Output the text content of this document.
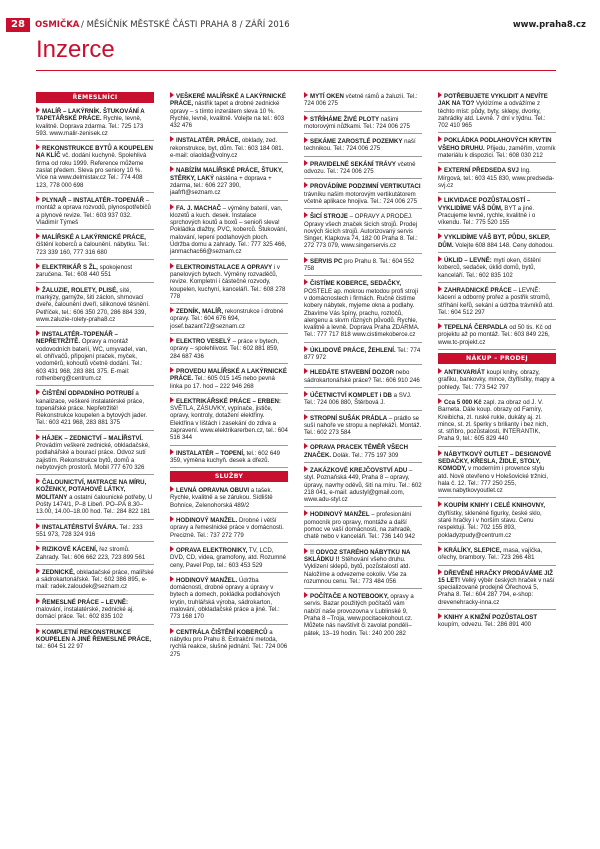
28	OSMIČKA / MĚSÍČNÍK MĚSTSKÉ ČÁSTI PRAHA 8 / ZÁŘÍ 2016	www.praha8.cz
Inzerce
ŘEMESLNÍCI
MALÍŘ – LAKÝRNÍK. ŠTUKOVÁNÍ A TAPETÁŘSKÉ PRÁCE. Rychle, levně, kvalitně. Doprava zdarma. Tel.: 725 173 593. www.malir-zenisek.cz
REKONSTRUKCE BYTŮ A KOUPELEN NA KLÍČ vč. dodání kuchyně. Spolehlivá firma od roku 1999. Reference můžeme zaslat předem. Sleva pro seniory 10 %. Více na www.delmistav.cz Tel.: 774 408 123, 778 000 698
PLYNAŘ – INSTALATÉR–TOPENÁŘ – montáž a oprava rozvodů, plynospotřebičů a plynové revize. Tel.: 603 937 032. Vladimír Týmeš
MALÍŘSKÉ A LAKÝRNICKÉ PRÁCE, čištění koberců a čalounění. nábytku. Tel.: 723 339 160, 777 316 680
ELEKTRIKÁŘ S ŽL, spokojenost zaručena. Tel.: 608 440 551
ŽALUZIE, ROLETY, PLISÉ, sítě, markýzy, garnýže, šití záclon, shrnovací dveře, čalounění dveří, silikonové těsnění. Petříček, tel.: 606 350 270, 286 884 339, www.zaluzie-rolety-praha8.cz
INSTALATÉR–TOPENÁŘ – NEPŘETRŽITĚ. Opravy a montáž vodovodních baterií, WC, umyvadel, van, el. ohřívačů, připojení praček, myček, vodoměrů, kohoutů včetně dodání. Tel.: 603 431 968, 283 881 375. E-mail: rothenberg@centrum.cz
ČIŠTĚNÍ ODPADNÍHO POTRUBÍ a kanalizace, veškeré instalatérské práce, topenářské práce. Nepřetržitě! Rekonstrukce koupelen a bytových jader. Tel.: 603 421 968, 283 881 375
HÁJEK – ZEDNICTVÍ – MALÍŘSTVÍ. Provádím veškeré zednické, obkladačské, podlahářské a bourací práce. Odvoz sutí zajistím. Rekonstrukce bytů, domů a nebytových prostorů. Mobil 777 670 326
ČALOUNICTVÍ, MATRACE NA MÍRU, KOŽENKY, POTAHOVÉ LÁTKY, MOLITANY a ostatní čalounické potřeby, U Pošty 1474/1, P–8 Libeň. PO–PÁ 8.30–13.00, 14.00–18.00 hod. Tel.: 284 822 181
INSTALATÉRSTVÍ ŠVÁRA. Tel.: 233 551 973, 728 324 916
RIZIKOVÉ KÁCENÍ, řez stromů. Zahrady. Tel.: 606 662 223, 723 899 561
ZEDNICKÉ, obkladačské práce, malířské a sádrokartonářské. Tel.: 602 386 895, e-mail: radek.zaloudek@seznam.cz
ŘEMESLNÉ PRÁCE – LEVNĚ: malování, instalatérské, zednické aj. domácí práce. Tel.: 602 835 102
KOMPLETNÍ REKONSTRUKCE KOUPELEN A JINÉ ŘEMESLNÉ PRÁCE, tel.: 604 51 22 97
VEŠKERÉ MALÍŘSKÉ A LAKÝRNICKÉ PRÁCE, nástřik tapet a drobné zednické opravy – s tímto inzerátem sleva 10 %. Rychle, levně, kvalitně. Volejte na tel.: 603 432 476
INSTALATÉR. PRÁCE, obklady, zed. rekonstrukce, byt, dům. Tel.: 603 184 081. e-mail: olaolda@volny.cz
NABÍZÍM MALÍŘSKÉ PRÁCE, ŠTUKY, STĚRKY, LAKÝ nástěna + doprava + zdarma, tel.: 606 227 390, jaafrft@seznam.cz
FA. J. MACHAČ – výměny baterií, van, klozetů a kuch. desek. Instalace sprchových koutů a boxů – senioři sleva! Pokládka dlažby, PVC, koberců. Štukování, malování, lepení podlahových ploch. Údržba domu a zahrady. Tel.: 777 325 466, janmachac66@seznam.cz
ELEKTROINSTALACE A OPRAVY i v panelových bytech. Výměny rozvaděčů, revize. Kompletní i částečné rozvody, koupelen, kuchyní, kanceláří. Tel.: 608 278 778
ZEDNÍK, MALÍŘ, rekonstrukce i drobné opravy. Tel.: 604 676 694, josef.bazant72@seznam.cz
ELEKTRO VESELÝ – práce v bytech, opravy – spolehlivost. Tel.: 602 881 859, 284 687 436
PROVEDU MALÍŘSKÉ A LAKÝRNICKÉ PRÁCE. Tel.: 605 015 145 nebo pevná linka po 17. hod – 222 946 268
ELEKTRIKÁŘSKÉ PRÁCE – ERBEN: SVĚTLA, ZÁSUVKY, vypínače, jističe, opravy, kontroly, dotažení elektřiny. Elektřina v lištách i zasekání do zdiva a zapravení. www.elektrikarerben.cz, tel.: 604 516 344
INSTALATÉR – TOPENÍ, tel.: 602 649 359, výměna kuchyň. desek a dřezů.
SLUŽBY
LEVNÁ OPRAVNA OBUVI a tašek. Rychle, kvalitně a se zárukou. Sídliště Bohnice, Zelenohorská 489/2
HODINOVÝ MANŽEL. Drobné i větší opravy a řemeslnické práce v domácnosti. Precizně. Tel.: 737 272 779
OPRAVA ELEKTRONIKY, TV, LCD, DVD, CD, videa, gramofony, atd. Rozumné ceny, Pavel Pop, tel.: 603 453 529
HODINOVÝ MANŽEL. Údržba domácnosti, drobné opravy a úpravy v bytech a domech, pokládka podlahových krytin, truhlářská výroba, sádrokarton, malování, obkladačské práce a jiné. Tel.: 773 168 170
CENTRÁLA ČIŠTĚNÍ KOBERCŮ a nábytku pro Prahu 8. Extrakční metoda, rychlá reakce, slušné jednání. Tel.: 724 006 275
MYTÍ OKEN včetně rámů a žaluzií. Tel.: 724 006 275
STŘÍHÁME ŽIVÉ PLOTY našimi motorovými nůžkami. Tel.: 724 006 275
SEKÁME ZAROSTLÉ POZEMKY naší technikou. Tel.: 724 006 275
PRAVIDELNÉ SEKÁNÍ TRÁVY včetně odvozu. Tel.: 724 006 275
PROVÁDÍME PODZIMNÍ VERTIKUTACI trávníku našim motorovým vertikutátorem včetně aplikace hnojiva. Tel.: 724 006 275
ŠICÍ STROJE – OPRAVY A PRODEJ. Opravy všech značek šicích strojů. Prodej nových šicích strojů. Autorizovaný servis Singer, Klapkova 74, 182 00 Praha 8. Tel.: 272 773 079, www.singerservis.cz
SERVIS PC pro Prahu 8. Tel.: 604 552 758
ČISTÍME KOBERCE, SEDAČKY, POSTELE ap. mokrou metodou profi strojí v domácnostech i firmách. Ručně čistíme kobery nábytek, myjeme okna a podlahy. Zbavíme Vás špíny, prachu, roztočů, alergenu a skvrn různých původů. Rychle, kvalitně a levně. Doprava Praha ZDARMA. Tel.: 777 717 818 www.cistimekoberce.cz
ÚKLIDOVÉ PRÁCE, ŽEHLENÍ. Tel.: 774 877 972
HLEDÁTE STAVEBNÍ DOZOR nebo sádrokartonářské práce? Tel.: 606 910 246
ÚČETNICTVÍ KOMPLET i DB a SVJ. Tel.: 724 006 880, Štěrbová J.
STROPNÍ SUŠÁK PRÁDLA – prádlo se suší nahoře ve stropu a nepřekáží. Montáž. Tel.: 602 273 584
OPRAVA PRACEK TĚMĚŘ VŠECH ZNAČEK. Dolák. Tel.: 775 197 309
ZAKÁZKOVÉ KREJČOVSTVÍ ADU – styl. Poznaňská 449, Praha 8 – opravy, úpravy, navrhy oděvů, šití na míru. Tel.: 602 218 041, e-mail: adustyl@gmail.com, www.adu-styl.cz
HODINOVÝ MANŽEL – profesionální pomocník pro opravy, montáže a další pomoc ve vaší domácnosti, na zahradě, chatě nebo v kanceláři. Tel.: 736 140 942
!! ODVOZ STARÉHO NÁBYTKU NA SKLÁDKU !! Stěhování všeho druhu. Vyklizení sklepů, bytů, pozůstalostí atd. Naložíme a odvezeme cokoliv. Vše za rozumnou cenu. Tel.: 773 484 056
POČÍTAČE A NOTEBOOKY, opravy a servis. Bazar použitých počítačů vám nabízí naše provozovna v Lublinské 9, Praha 8 –Troja, www.pocitacekohout.cz. Můžete nás navštívit či zavolat pondělí–pátek, 13–19 hodin. Tel.: 240 200 282
POTŘEBUJETE VYKLIDIT A NEVÍTE JAK NA TO? Vyklízíme a odvážíme z těchto míst: půdy, byty, sklepy, dvorky, zahrádky atd. Levně. 7 dní v týdnu. Tel.: 702 410 965
POKLÁDKA PODLAHOVÝCH KRYTIN VŠEHO DRUHU. Přijedu, zaměřím, vzorník materiálu k dispozici. Tel.: 608 030 212
EXTERNÍ PŘEDSEDA SVJ Ing. Mírgová, tel.: 603 415 830, www.predseda-svj.cz
LIKVIDACE POZŮSTALOSTÍ – VYKLIDÍME VÁŠ DŮM, BYT a jiné. Pracujeme levně, rychle, kvalitně i o víkendu. Tel.: 775 520 155
VYKLIDÍME VÁŠ BYT, PŮDU, SKLEP, DŮM. Volejte 608 884 148. Ceny dohodou.
ÚKLID – LEVNĚ: mytí oken, čištění koberců, sedaček, úklid domů, bytů, kanceláří. Tel.: 602 835 102
ZAHRADNICKÉ PRÁCE – LEVNĚ: kácení a odborný prořez a postřik stromů, stříhání keřů, sekání a údržba trávníků atd. Tel.: 604 512 297
TEPELNÁ ČERPADLA od 50 tis. Kč od projektu až po montáž. Tel.: 603 849 226, www.tc-projekt.cz
NÁKUP – PRODEJ
ANTIKVARIÁT koupí knihy, obrazy, grafiku, bankovky, mince, čtyřlístky, mapy a pohledy. Tel.: 773 542 797
Cca 5 000 Kč zapl. za obraz od J. V. Barneta. Dále koup. obrazy od Famíry, Kreibicha, zl. ruské rukle, dukáty aj. zl. mince, st. zl. šperky s brilianty i bez nich, st. stříbro, pozůstalosti, INTERANTIK, Praha 9, tel.: 605 829 440
NÁBYTKOVÝ OUTLET – DESIGNOVÉ SEDAČKY, KŘESLA, ŽIDLE, STOLY, KOMODY, v moderním i provence stylu atd. Nově otevřeno v Holešovické tržnici, hala č. 12. Tel.: 777 250 255, www.nabytkovyoutlet.cz
KOUPÍM KNIHY I CELÉ KNIHOVNY, čtyřlístky, sklenéné figurky, české sklo, staré hračky i v horším stavu. Cenu respektuji. Tel.: 702 155 893, pokladyzpudy@centrum.cz
KRÁLÍKY, SLEPICE, masa, vajíčka, ořechy, brambory. Tel.: 723 266 481
DŘEVĚNÉ HRAČKY PRODÁVÁME JIŽ 15 LET! Velký výběr českých hraček v naší specializované prodejně Ořechová 5, Praha 8. Tel.: 604 287 794, e-shop: drevenehracky-inna.cz
KNIHY A KNIŽNÍ POZŮSTALOST koupím, odvezu. Tel.: 286 891 400
